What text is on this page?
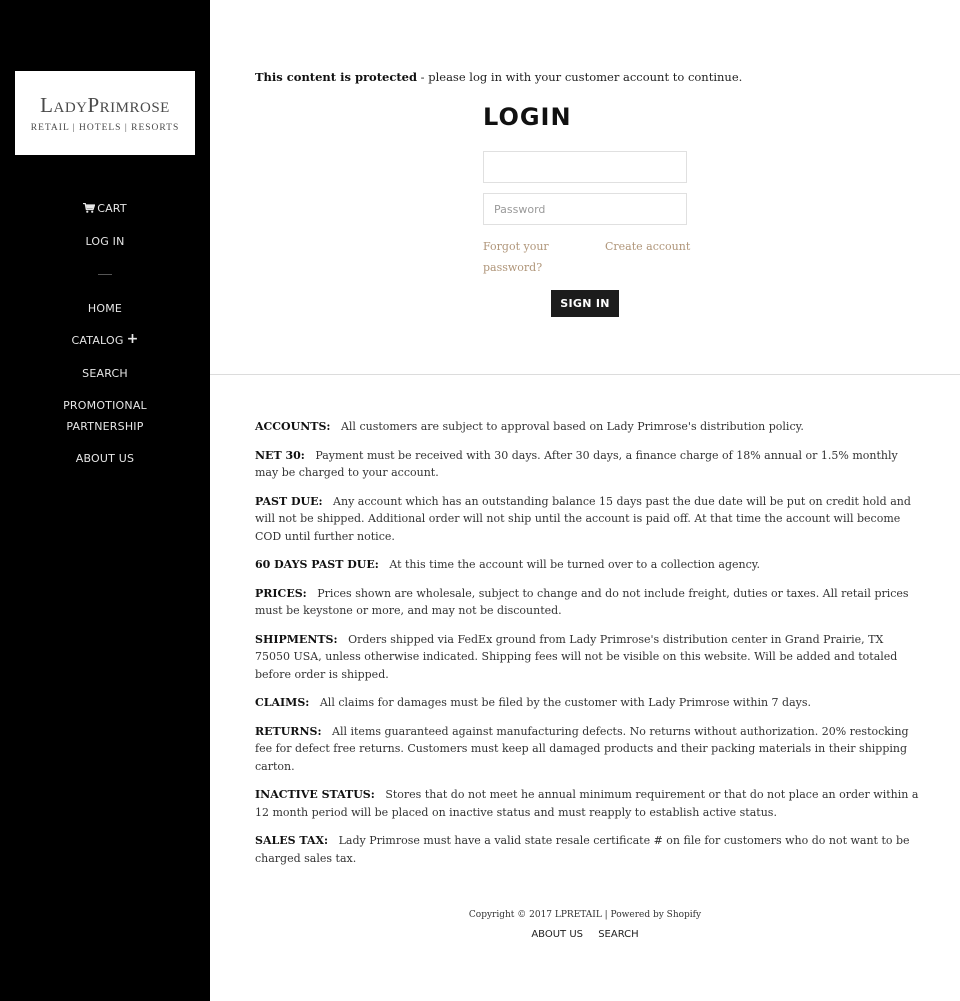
LadyPrimrose
RETAIL | HOTELS | RESORTS
CART
LOG IN
HOME
CATALOG +
SEARCH
PROMOTIONAL PARTNERSHIP
ABOUT US

This content is protected - please log in with your customer account to continue.

LOGIN
Forgot your password?
Create account
SIGN IN

ACCOUNTS: All customers are subject to approval based on Lady Primrose's distribution policy.

NET 30: Payment must be received with 30 days. After 30 days, a finance charge of 18% annual or 1.5% monthly may be charged to your account.

PAST DUE: Any account which has an outstanding balance 15 days past the due date will be put on credit hold and will not be shipped. Additional order will not ship until the account is paid off. At that time the account will become COD until further notice.

60 DAYS PAST DUE: At this time the account will be turned over to a collection agency.

PRICES: Prices shown are wholesale, subject to change and do not include freight, duties or taxes. All retail prices must be keystone or more, and may not be discounted.

SHIPMENTS: Orders shipped via FedEx ground from Lady Primrose's distribution center in Grand Prairie, TX 75050 USA, unless otherwise indicated. Shipping fees will not be visible on this website. Will be added and totaled before order is shipped.

CLAIMS: All claims for damages must be filed by the customer with Lady Primrose within 7 days.

RETURNS: All items guaranteed against manufacturing defects. No returns without authorization. 20% restocking fee for defect free returns. Customers must keep all damaged products and their packing materials in their shipping carton.

INACTIVE STATUS: Stores that do not meet he annual minimum requirement or that do not place an order within a 12 month period will be placed on inactive status and must reapply to establish active status.

SALES TAX: Lady Primrose must have a valid state resale certificate # on file for customers who do not want to be charged sales tax.

Copyright © 2017 LPRETAIL | Powered by Shopify
ABOUT US SEARCH
